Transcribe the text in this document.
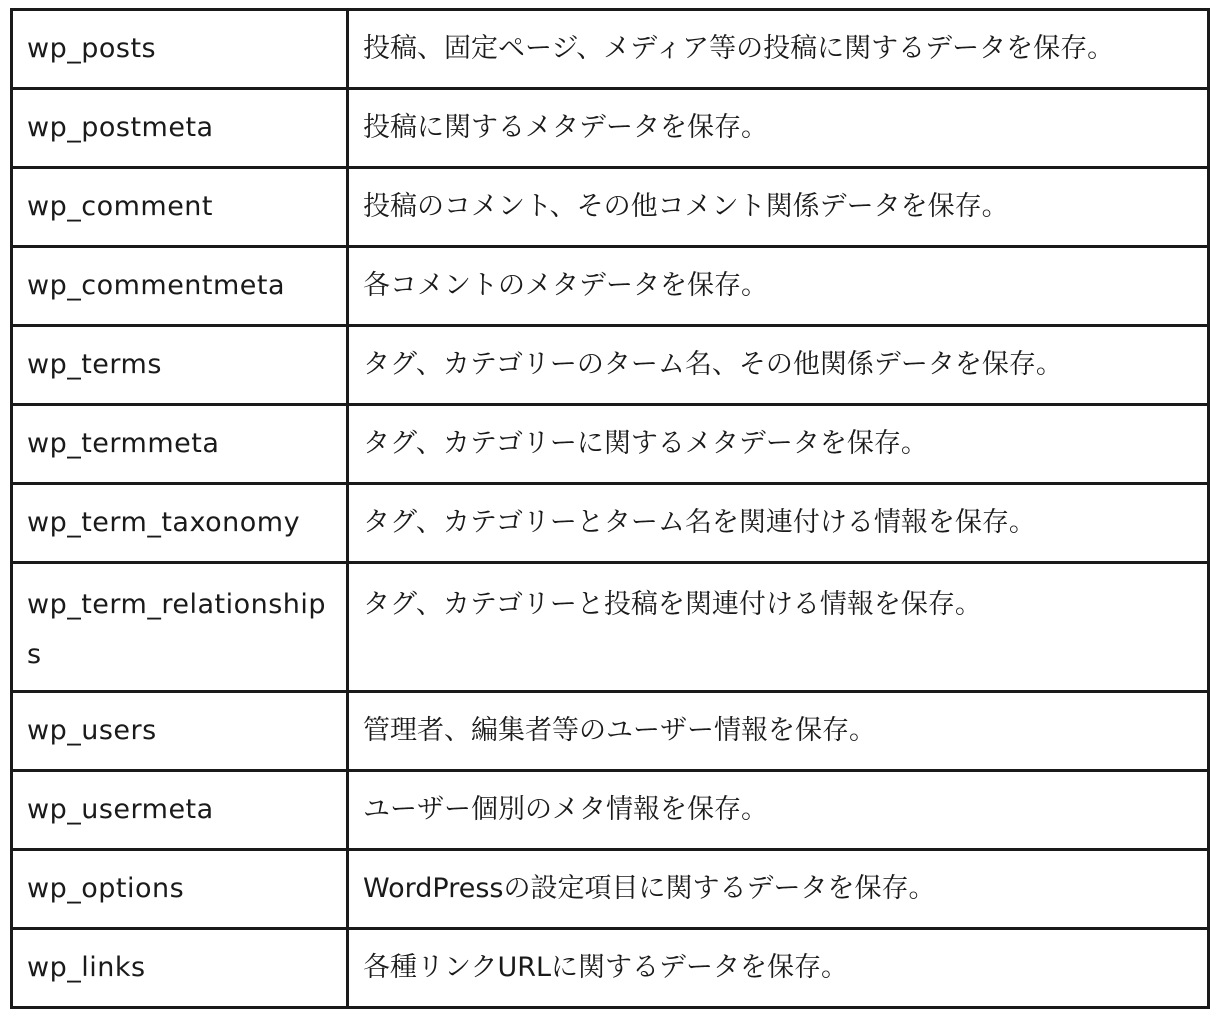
wp_posts	投稿、固定ページ、メディア等の投稿に関するデータを保存。
wp_postmeta	投稿に関するメタデータを保存。
wp_comment	投稿のコメント、その他コメント関係データを保存。
wp_commentmeta	各コメントのメタデータを保存。
wp_terms	タグ、カテゴリーのターム名、その他関係データを保存。
wp_termmeta	タグ、カテゴリーに関するメタデータを保存。
wp_term_taxonomy	タグ、カテゴリーとターム名を関連付ける情報を保存。
wp_term_relationships	タグ、カテゴリーと投稿を関連付ける情報を保存。
wp_users	管理者、編集者等のユーザー情報を保存。
wp_usermeta	ユーザー個別のメタ情報を保存。
wp_options	WordPressの設定項目に関するデータを保存。
wp_links	各種リンクURLに関するデータを保存。
